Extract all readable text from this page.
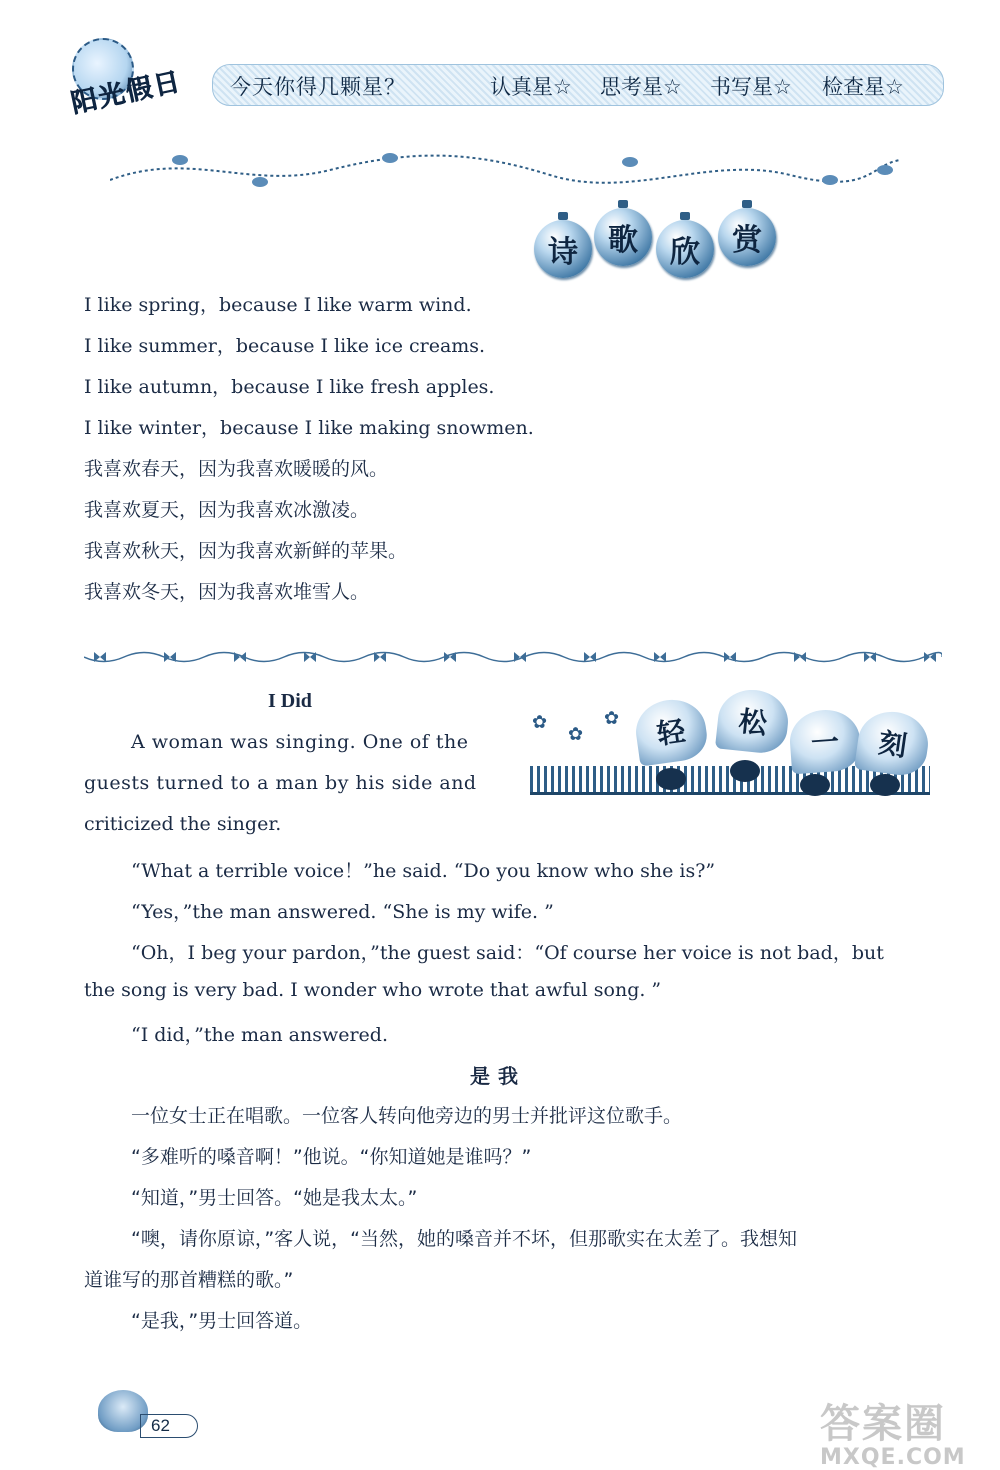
阳光假日 今天你得几颗星？	认真星☆ 思考星☆ 书写星☆ 检查星☆
诗	歌	欣	赏
I like spring，because I like warm wind.
I like summer，because I like ice creams.
I like autumn，because I like fresh apples.
I like winter，because I like making snowmen.
我喜欢春天，因为我喜欢暖暖的风。
我喜欢夏天，因为我喜欢冰激凌。
我喜欢秋天，因为我喜欢新鲜的苹果。
我喜欢冬天，因为我喜欢堆雪人。
I Did
✿
✿
✿	轻	松
一	刻
A woman was singing. One of the
guests turned to a man by his side and
criticized the singer.
“What a terrible voice！”he said. “Do you know who she is?”
“Yes，”the man answered. “She is my wife. ”
“Oh，I beg your pardon，”the guest said：“Of course her voice is not bad，but
the song is very bad. I wonder who wrote that awful song. ”
“I did，”the man answered.
是我
一位女士正在唱歌。一位客人转向他旁边的男士并批评这位歌手。
“多难听的嗓音啊！”他说。“你知道她是谁吗？”
“知道，”男士回答。“她是我太太。”
“噢，请你原谅，”客人说，“当然，她的嗓音并不坏，但那歌实在太差了。我想知
道谁写的那首糟糕的歌。”
“是我，”男士回答道。
62	答案圈
MXQE.COM
